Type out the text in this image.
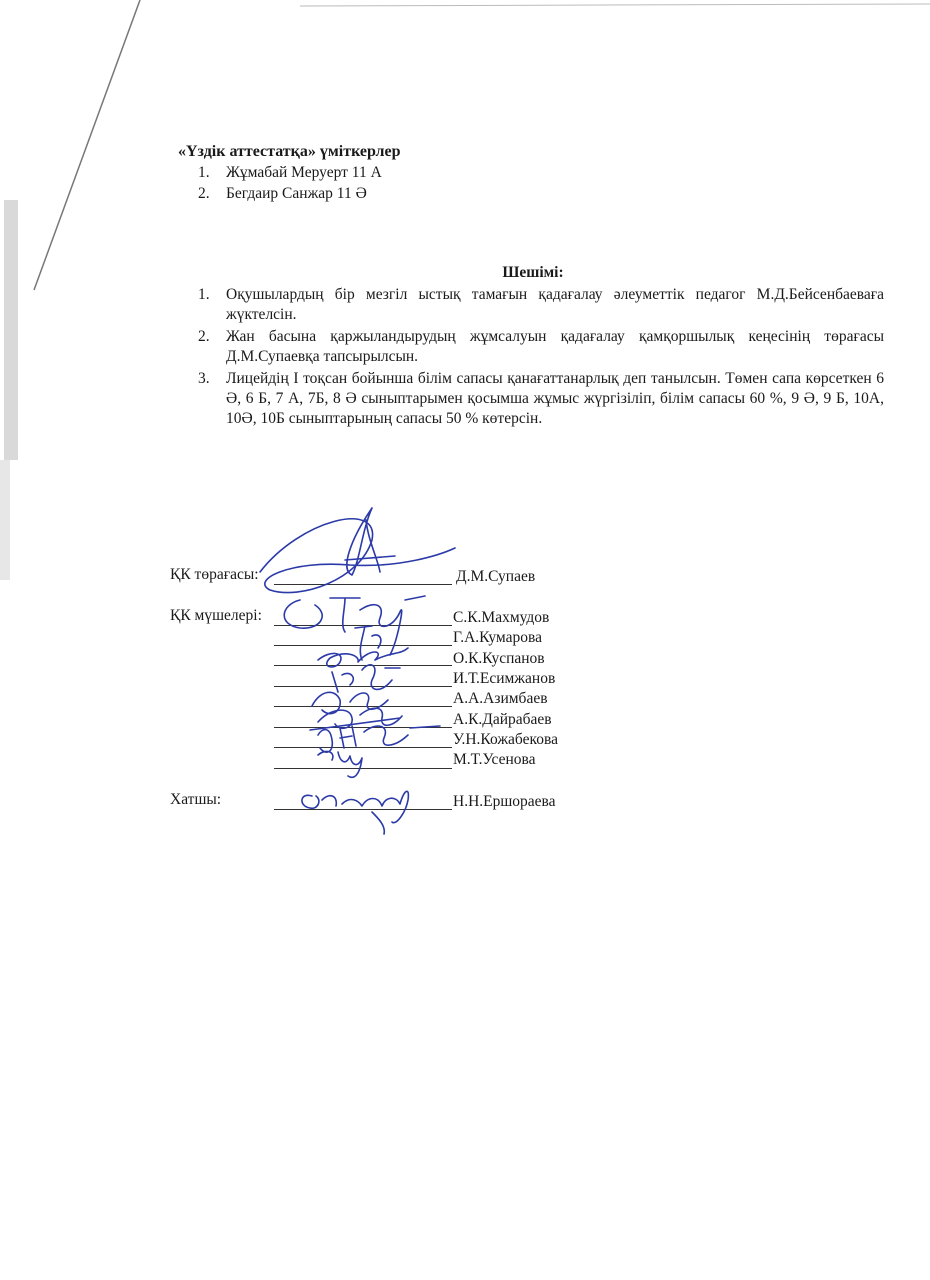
«Үздік аттестатқа» үміткерлер
1. Жұмабай Меруерт 11 А
2. Бегдаир Санжар 11 Ә
Шешімі:
1. Оқушылардың бір мезгіл ыстық тамағын қадағалау әлеуметтік педагог М.Д.Бейсенбаеваға жүктелсін.
2. Жан басына қаржыландырудың жұмсалуын қадағалау қамқоршылық кеңесінің төрағасы Д.М.Супаевқа тапсырылсын.
3. Лицейдің I тоқсан бойынша білім сапасы қанағаттанарлық деп танылсын. Төмен сапа көрсеткен 6 Ә, 6 Б, 7 А, 7Б, 8 Ә сыныптарымен қосымша жұмыс жүргізіліп, білім сапасы 60 %, 9 Ә, 9 Б, 10А, 10Ә, 10Б сыныптарының сапасы 50 % көтерсін.
ҚК төрағасы:	Д.М.Супаев
ҚК мүшелері:	С.К.Махмудов
Г.А.Кумарова
О.К.Куспанов
И.Т.Есимжанов
А.А.Азимбаев
А.К.Дайрабаев
У.Н.Кожабекова
М.Т.Усенова
Хатшы:	Н.Н.Ершораева
